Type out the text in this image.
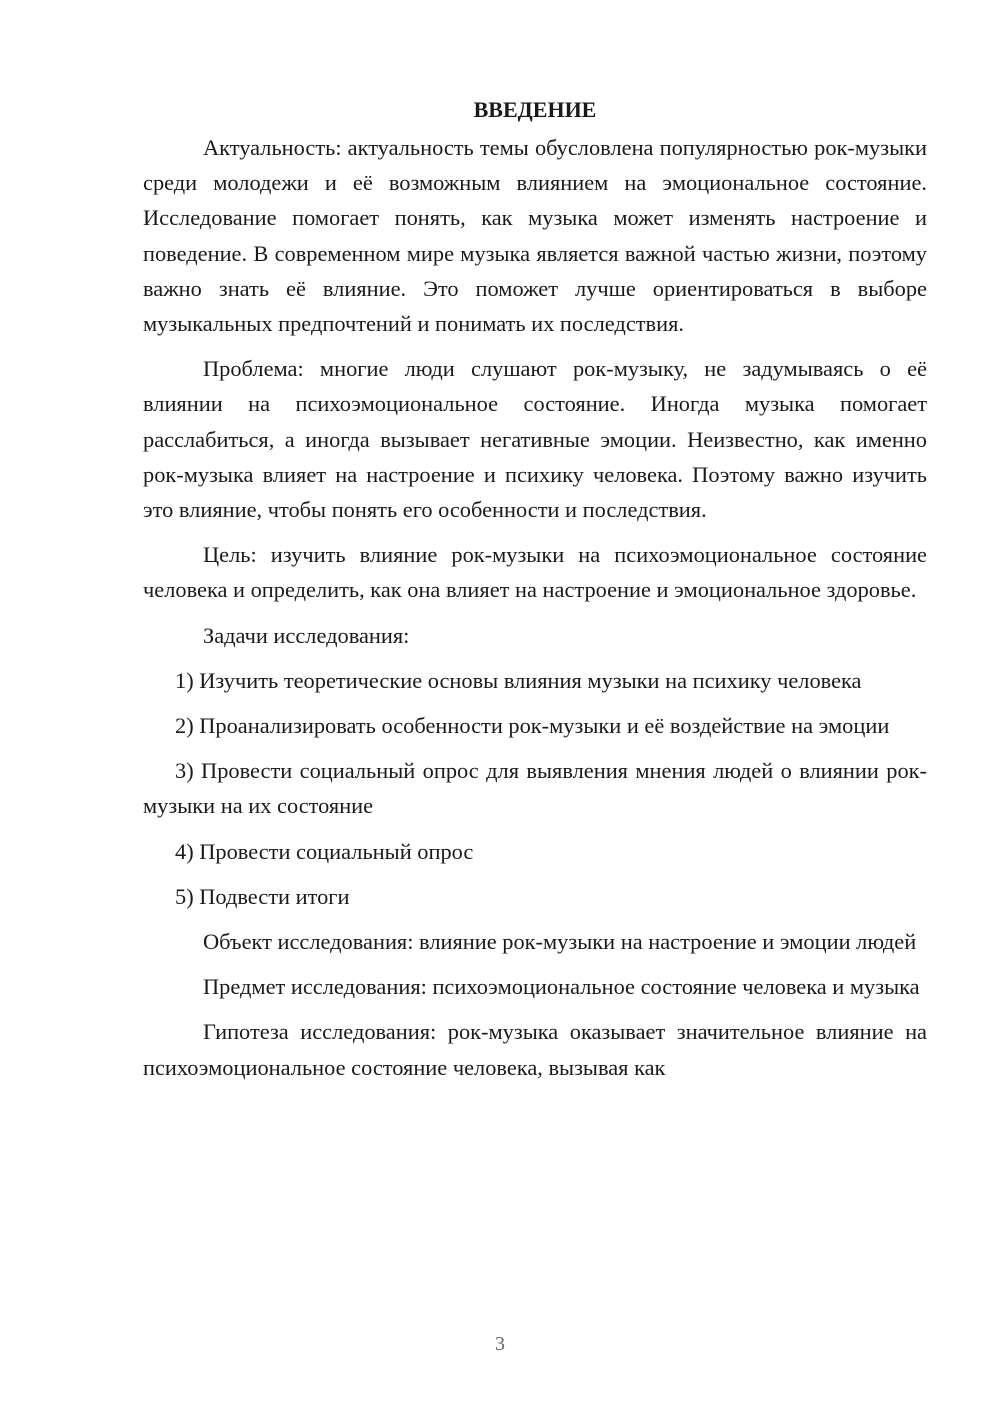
ВВЕДЕНИЕ

Актуальность: актуальность темы обусловлена популярностью рок-музыки среди молодежи и её возможным влиянием на эмоциональное состояние. Исследование помогает понять, как музыка может изменять настроение и поведение. В современном мире музыка является важной частью жизни, поэтому важно знать её влияние. Это поможет лучше ориентироваться в выборе музыкальных предпочтений и понимать их последствия.

Проблема: многие люди слушают рок-музыку, не задумываясь о её влиянии на психоэмоциональное состояние. Иногда музыка помогает расслабиться, а иногда вызывает негативные эмоции. Неизвестно, как именно рок-музыка влияет на настроение и психику человека. Поэтому важно изучить это влияние, чтобы понять его особенности и последствия.

Цель: изучить влияние рок-музыки на психоэмоциональное состояние человека и определить, как она влияет на настроение и эмоциональное здоровье.

Задачи исследования:

1) Изучить теоретические основы влияния музыки на психику человека

2) Проанализировать особенности рок-музыки и её воздействие на эмоции

3) Провести социальный опрос для выявления мнения людей о влиянии рок-музыки на их состояние

4) Провести социальный опрос

5) Подвести итоги

Объект исследования: влияние рок-музыки на настроение и эмоции людей

Предмет исследования: психоэмоциональное состояние человека и музыка

Гипотеза исследования: рок-музыка оказывает значительное влияние на психоэмоциональное состояние человека, вызывая как

3
